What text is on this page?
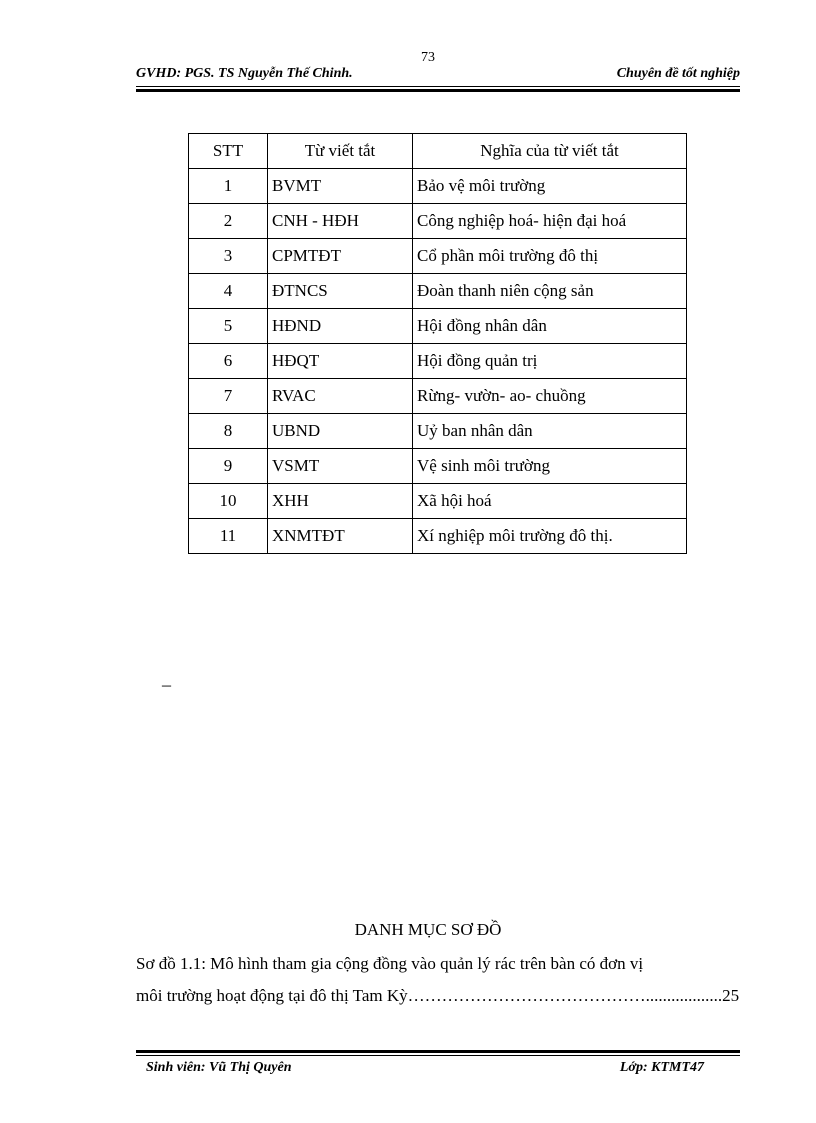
73
GVHD: PGS. TS Nguyễn Thế Chinh.	Chuyên đề tốt nghiệp
STT	Từ viết tắt	Nghĩa của từ viết tắt
1	BVMT	Bảo vệ môi trường
2	CNH - HĐH	Công nghiệp hoá- hiện đại hoá
3	CPMTĐT	Cổ phần môi trường đô thị
4	ĐTNCS	Đoàn thanh niên cộng sản
5	HĐND	Hội đồng nhân dân
6	HĐQT	Hội đồng quản trị
7	RVAC	Rừng- vườn- ao- chuồng
8	UBND	Uỷ ban nhân dân
9	VSMT	Vệ sinh môi trường
10	XHH	Xã hội hoá
11	XNMTĐT	Xí nghiệp môi trường đô thị.
_
DANH MỤC SƠ ĐỒ
Sơ đồ 1.1: Mô hình tham gia cộng đồng vào quản lý rác trên bàn có đơn vị
môi trường hoạt động tại đô thị Tam Kỳ……………………………………..................25
Sinh viên: Vũ Thị Quyên	Lớp: KTMT47
